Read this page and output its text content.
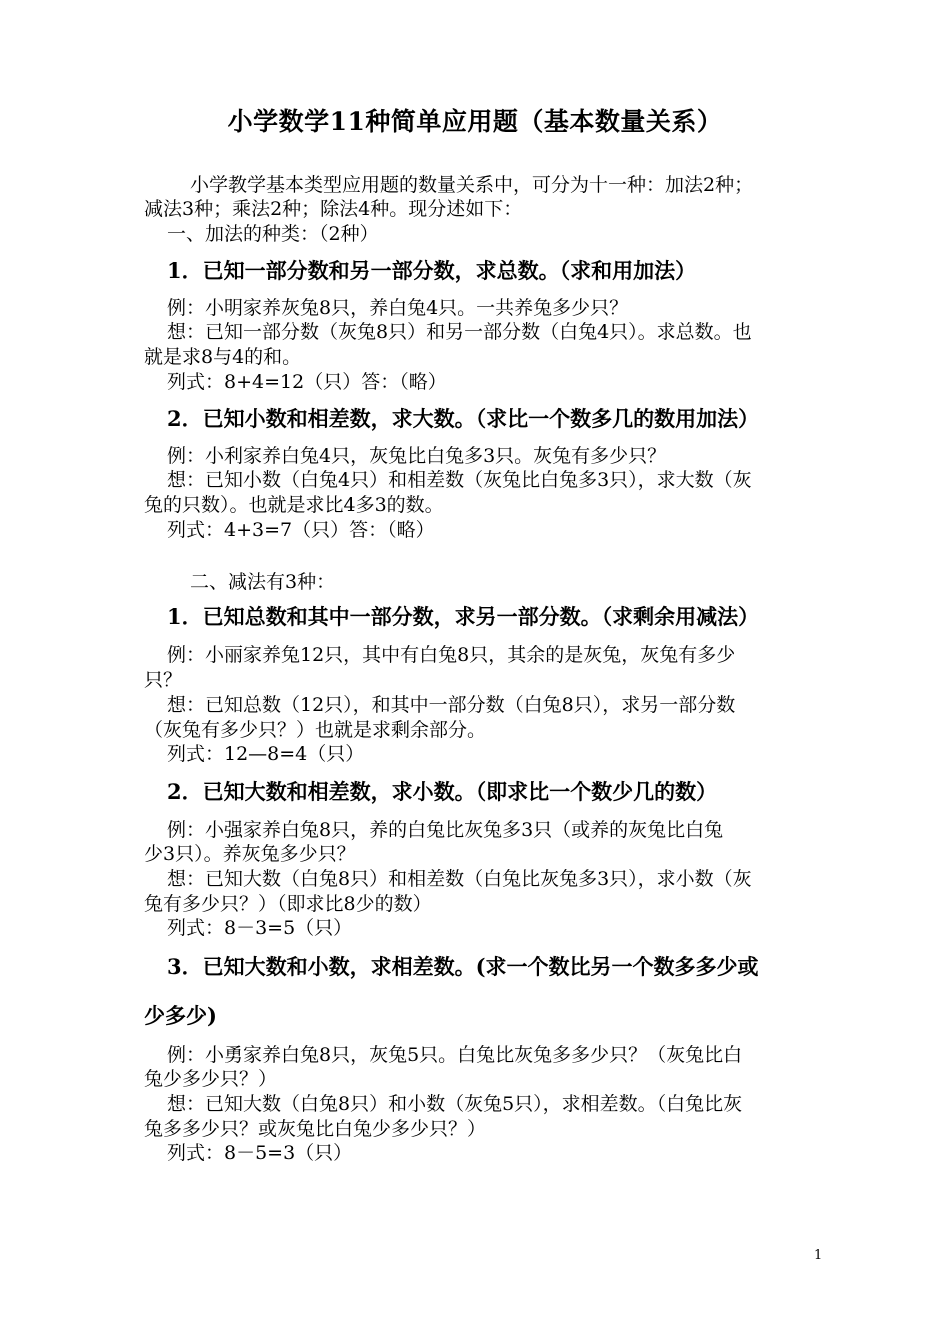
小学数学11种简单应用题（基本数量关系）
小学教学基本类型应用题的数量关系中，可分为十一种：加法2种；
减法3种；乘法2种；除法4种。现分述如下：
一、加法的种类：（2种）
1．已知一部分数和另一部分数，求总数。（求和用加法）
例：小明家养灰兔8只，养白兔4只。一共养兔多少只？
想：已知一部分数（灰兔8只）和另一部分数（白兔4只）。求总数。也
就是求8与4的和。
列式：8+4=12（只）答：（略）
2．已知小数和相差数，求大数。（求比一个数多几的数用加法）
例：小利家养白兔4只，灰兔比白兔多3只。灰兔有多少只？
想：已知小数（白兔4只）和相差数（灰兔比白兔多3只），求大数（灰
兔的只数）。也就是求比4多3的数。
列式：4+3=7（只）答：（略）
二、减法有3种：
1．已知总数和其中一部分数，求另一部分数。（求剩余用减法）
例：小丽家养兔12只，其中有白兔8只，其余的是灰兔，灰兔有多少
只？
想：已知总数（12只），和其中一部分数（白兔8只），求另一部分数
（灰兔有多少只？）也就是求剩余部分。
列式：12—8=4（只）
2．已知大数和相差数，求小数。（即求比一个数少几的数）
例：小强家养白兔8只，养的白兔比灰兔多3只（或养的灰兔比白兔
少3只）。养灰兔多少只？
想：已知大数（白兔8只）和相差数（白兔比灰兔多3只），求小数（灰
兔有多少只？）（即求比8少的数）
列式：8－3=5（只）
3．已知大数和小数，求相差数。(求一个数比另一个数多多少或
少多少)
例：小勇家养白兔8只，灰兔5只。白兔比灰兔多多少只？（灰兔比白
兔少多少只？）
想：已知大数（白兔8只）和小数（灰兔5只），求相差数。（白兔比灰
兔多多少只？或灰兔比白兔少多少只？）
列式：8－5=3（只）
1
